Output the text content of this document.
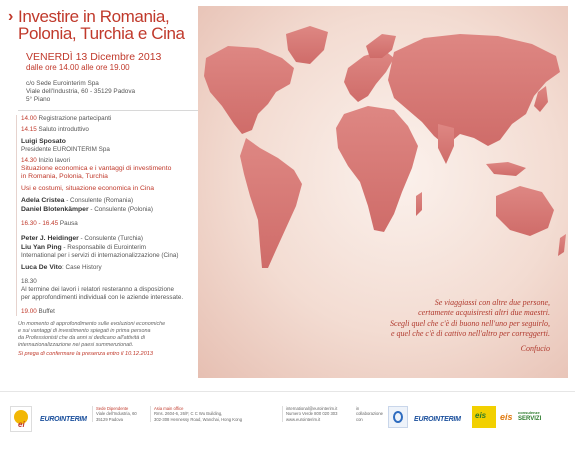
Se viaggiassi con altre due persone,
certamente acquisirestì altri due maestri.
Scegli quel che c'è di buono nell'uno per seguirlo,
e quel che c'è di cattivo nell'altro per correggerti.
Confucio
› Investire in Romania,
Polonia, Turchia e Cina
VENERDÌ 13 Dicembre 2013
dalle ore 14.00 alle ore 19.00
c/o Sede Eurointerim Spa
Viale dell'Industria, 60 - 35129 Padova
5° Piano
14.00 Registrazione partecipanti
14.15 Saluto introduttivo
Luigi Sposato
Presidente EUROINTERIM Spa
14.30 Inizio lavori
Situazione economica e i vantaggi di investimento
in Romania, Polonia, Turchia
Usi e costumi, situazione economica in Cina
Adela Cristea - Consulente (Romania)
Daniel Blotenkämper - Consulente (Polonia)
16.30 - 16.45 Pausa
Peter J. Heidinger - Consulente (Turchia)
Liu Yan Ping - Responsabile di Eurointerim
International per i servizi di internazionalizzazione (Cina)
Luca De Vito: Case History
18.30
Al termine dei lavori i relatori resteranno a disposizione
per approfondimenti individuali con le aziende interessate.
19.00 Buffet
Un momento di approfondimento sulle evoluzioni economiche
e sui vantaggi di investimento spiegati in prima persona
da Professionisti che da anni si dedicano all'attività di
internazionalizzazione nei paesi summenzionati.
Si prega di confermare la presenza entro il 10.12.2013
ei
EUROINTERIM
Sede Dipendente
Viale dell'Industria, 60
35129 Padova
Asia main office
Rms. 2604-6, 26/F, C C Wu Building,
302-308 Hennessy Road, Wanchai, Hong Kong
international@eurointerim.it
Numero Verde 800 020 303
www.eurointerim.it
in
collaborazione
con	EUROINTERIM eis eis consulenze
SERVIZI
